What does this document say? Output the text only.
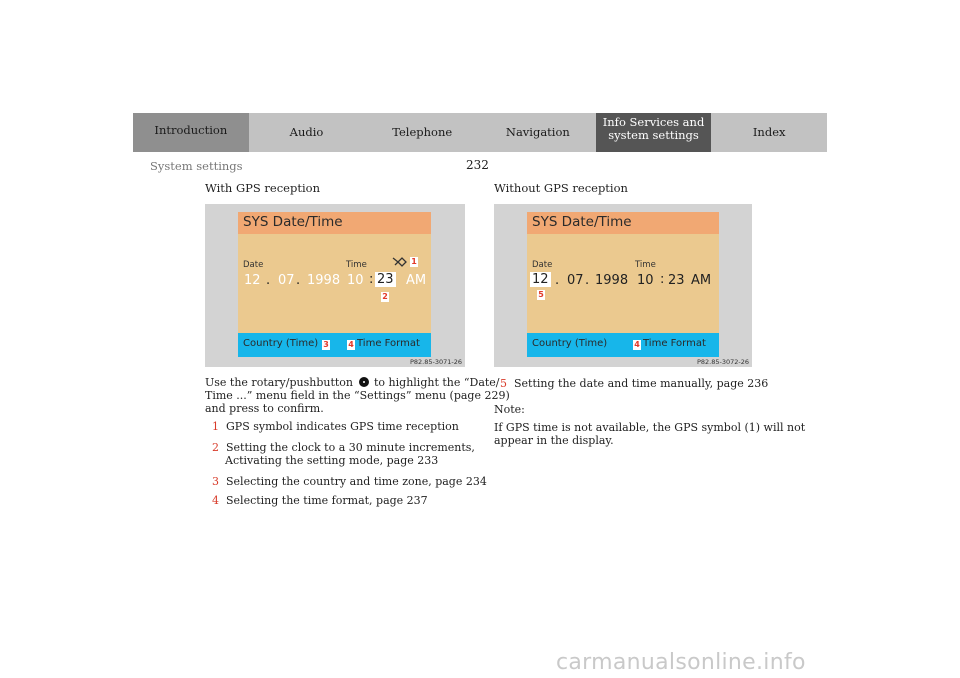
Introduction	Audio	Telephone	Navigation
Info Services and
system settings	Index
232
System settings
With GPS reception	Without GPS reception
SYS Date/Time
Date	Time	1
12 . 07 . 1998 10 : 23 AM
2
Country (Time) 3 4 Time Format
P82.85-3071-26
SYS Date/Time
Date	Time
12 . 07 . 1998 10 : 23 AM
5
Country (Time)	4 Time Format
P82.85-3072-26
Use the rotary/pushbutton to highlight the “Date/
Time ...” menu field in the “Settings” menu (page 229)
and press to confirm.
1 GPS symbol indicates GPS time reception
2 Setting the clock to a 30 minute increments,
Activating the setting mode, page 233
3 Selecting the country and time zone, page 234
4 Selecting the time format, page 237
5 Setting the date and time manually, page 236
Note:
If GPS time is not available, the GPS symbol (1) will not
appear in the display.
carmanualsonline.info
